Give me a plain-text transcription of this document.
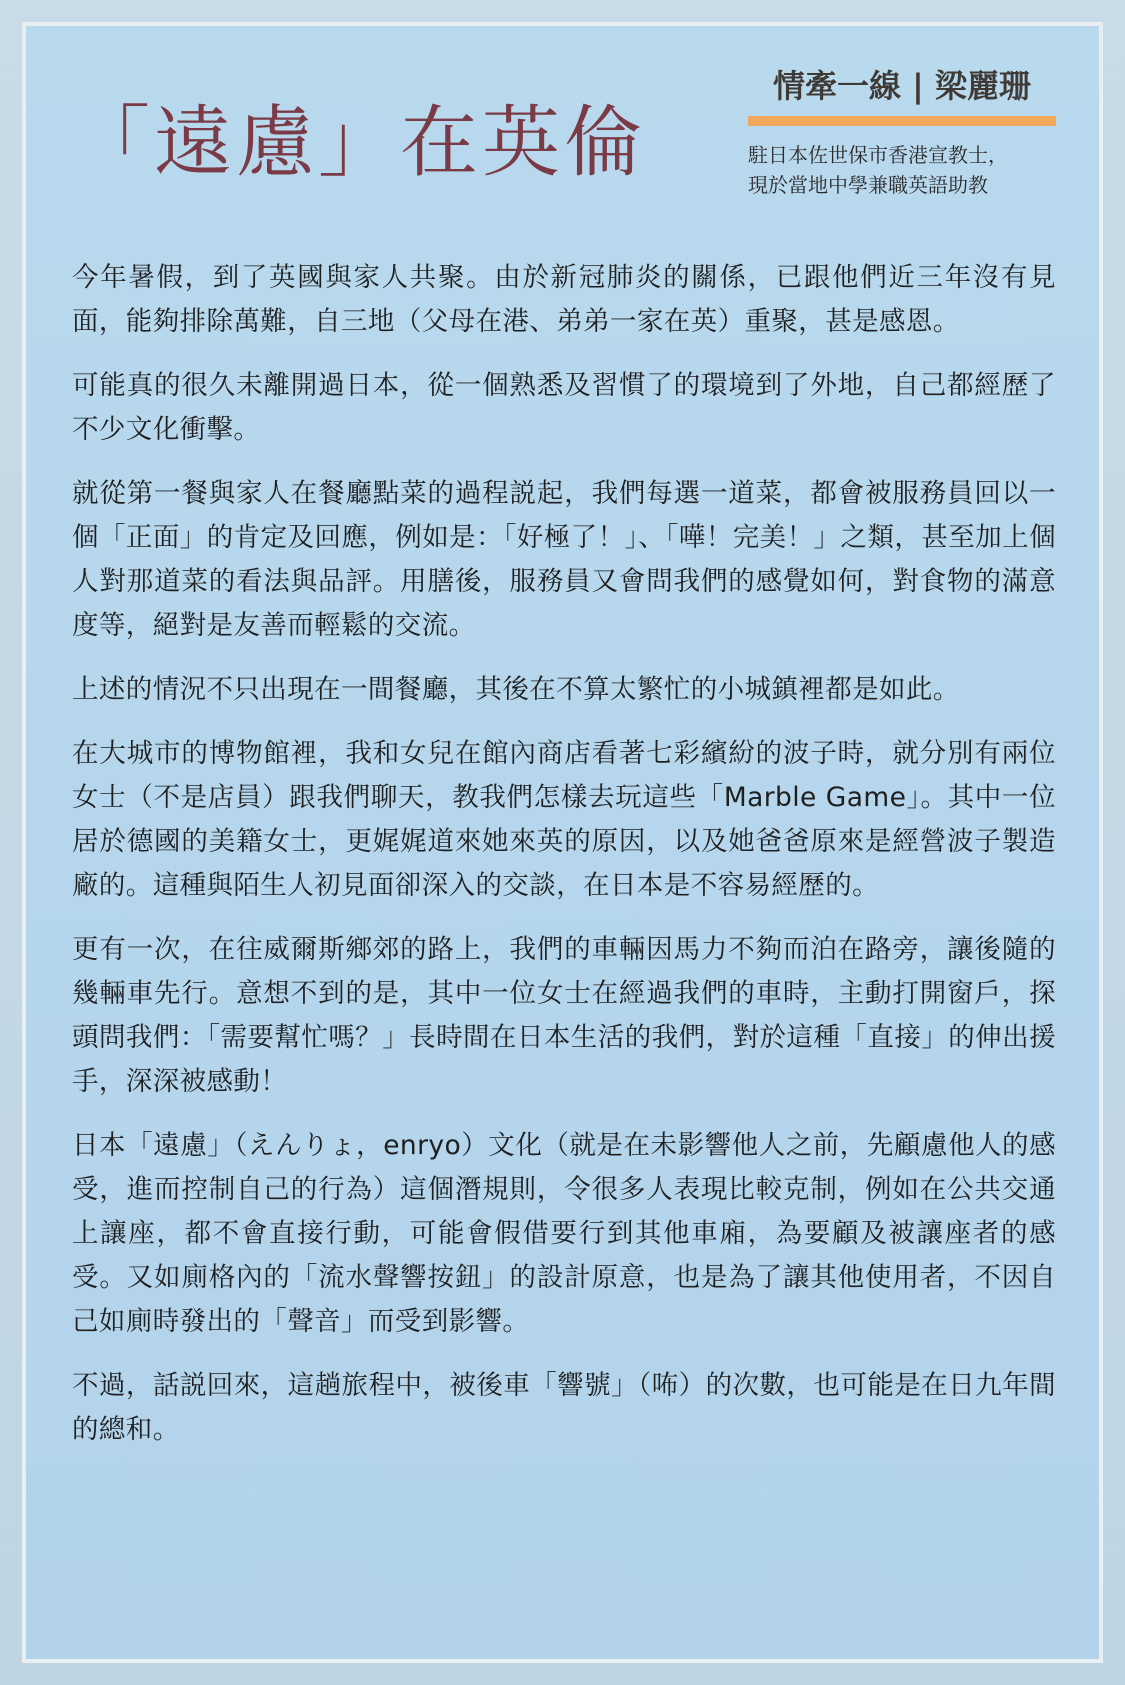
「遠慮」在英倫
情牽一線 | 梁麗珊
駐日本佐世保市香港宣教士，
現於當地中學兼職英語助教

今年暑假，到了英國與家人共聚。由於新冠肺炎的關係，已跟他們近三年沒有見面，能夠排除萬難，自三地（父母在港、弟弟一家在英）重聚，甚是感恩。

可能真的很久未離開過日本，從一個熟悉及習慣了的環境到了外地，自己都經歷了不少文化衝擊。

就從第一餐與家人在餐廳點菜的過程説起，我們每選一道菜，都會被服務員回以一個「正面」的肯定及回應，例如是：「好極了！」、「嘩！完美！」之類，甚至加上個人對那道菜的看法與品評。用膳後，服務員又會問我們的感覺如何，對食物的滿意度等，絕對是友善而輕鬆的交流。

上述的情況不只出現在一間餐廳，其後在不算太繁忙的小城鎮裡都是如此。

在大城市的博物館裡，我和女兒在館內商店看著七彩繽紛的波子時，就分別有兩位女士（不是店員）跟我們聊天，教我們怎樣去玩這些「Marble Game」。其中一位居於德國的美籍女士，更娓娓道來她來英的原因，以及她爸爸原來是經營波子製造廠的。這種與陌生人初見面卻深入的交談，在日本是不容易經歷的。

更有一次，在往威爾斯鄉郊的路上，我們的車輛因馬力不夠而泊在路旁，讓後隨的幾輛車先行。意想不到的是，其中一位女士在經過我們的車時，主動打開窗戶，探頭問我們：「需要幫忙嗎？」長時間在日本生活的我們，對於這種「直接」的伸出援手，深深被感動！

日本「遠慮」（えんりょ，enryo）文化（就是在未影響他人之前，先顧慮他人的感受，進而控制自己的行為）這個潛規則，令很多人表現比較克制，例如在公共交通上讓座，都不會直接行動，可能會假借要行到其他車廂，為要顧及被讓座者的感受。又如廁格內的「流水聲響按鈕」的設計原意，也是為了讓其他使用者，不因自己如廁時發出的「聲音」而受到影響。

不過，話説回來，這趟旅程中，被後車「響號」（咘）的次數，也可能是在日九年間的總和。
